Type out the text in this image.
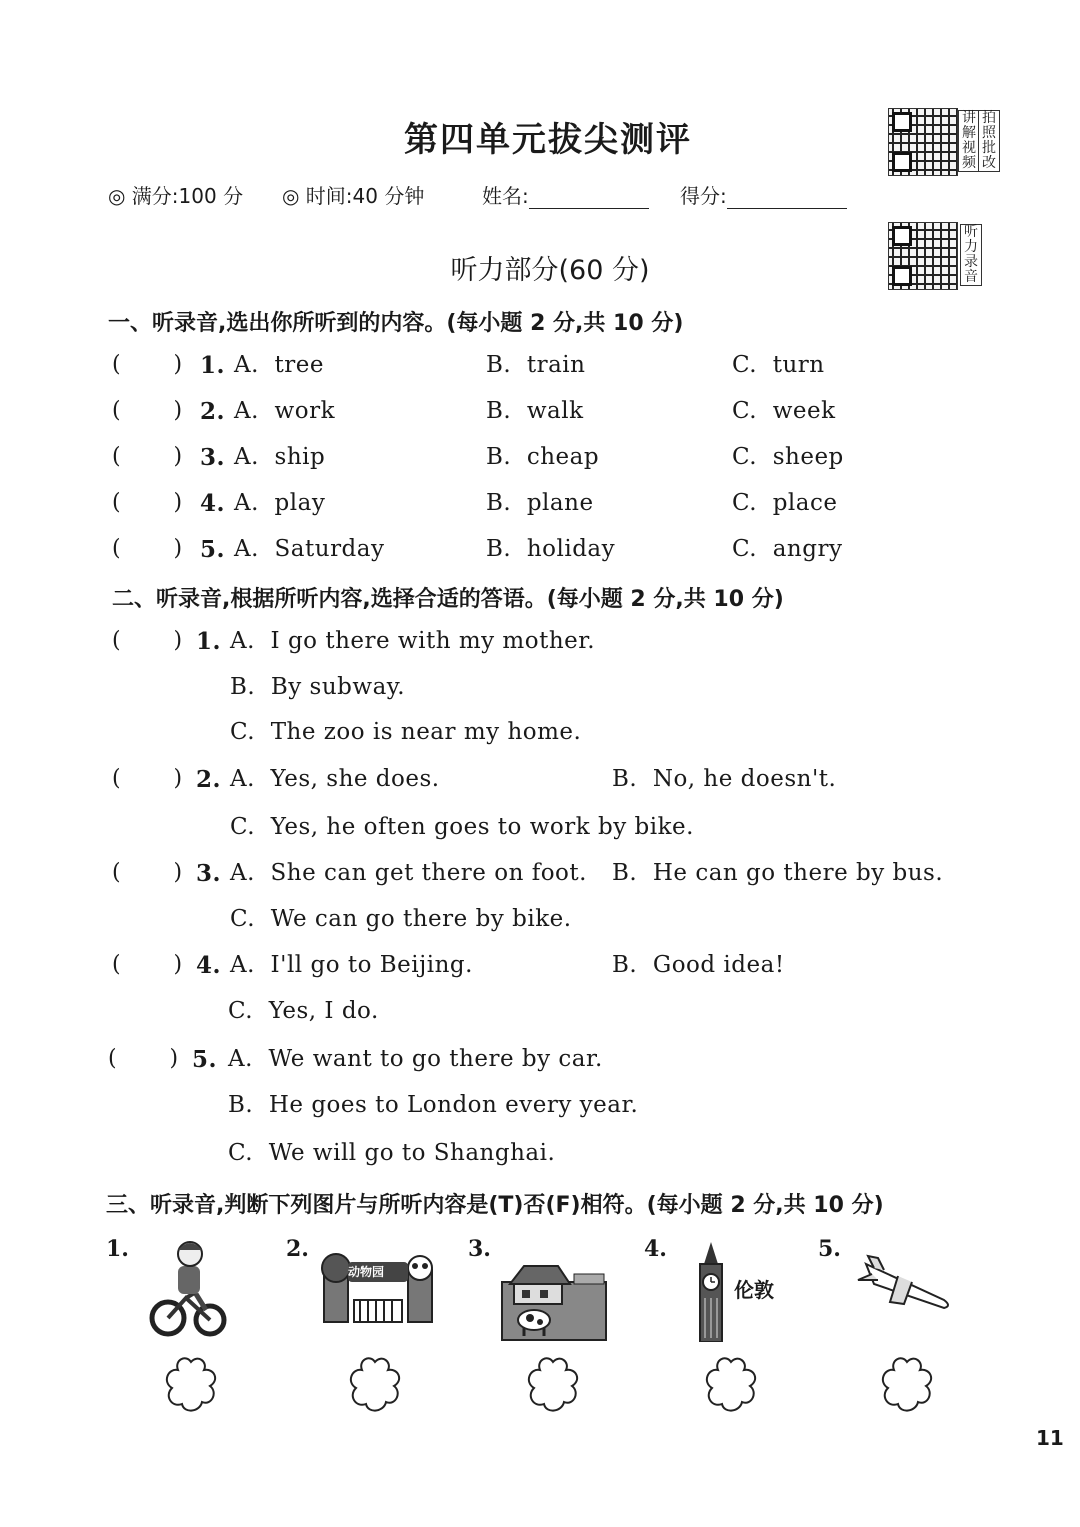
第四单元拔尖测评
讲解视频
拍照批改
◎ 满分:100 分 ◎ 时间:40 分钟	姓名:	得分:
听力录音
听力部分(60 分)
一、听录音,选出你所听到的内容。(每小题 2 分,共 10 分)
(       ) 1. A.  tree	B.  train	C.  turn
(       ) 2. A.  work	B.  walk	C.  week
(       ) 3. A.  ship	B.  cheap	C.  sheep
(       ) 4. A.  play	B.  plane	C.  place
(       ) 5. A.  Saturday	B.  holiday	C.  angry
二、听录音,根据所听内容,选择合适的答语。(每小题 2 分,共 10 分)
(       ) 1. A.  I go there with my mother.
B.  By subway.
C.  The zoo is near my home.
(       ) 2. A.  Yes, she does.	B.  No, he doesn't.
C.  Yes, he often goes to work by bike.
(       ) 3. A.  She can get there on foot. B.  He can go there by bus.
C.  We can go there by bike.
(       ) 4. A.  I'll go to Beijing.	B.  Good idea!
C.  Yes, I do.
(       ) 5. A.  We want to go there by car.
B.  He goes to London every year.
C.  We will go to Shanghai.
三、听录音,判断下列图片与所听内容是(T)否(F)相符。(每小题 2 分,共 10 分)
1.	2.	3.	4.	5.
动物园
伦敦
11
